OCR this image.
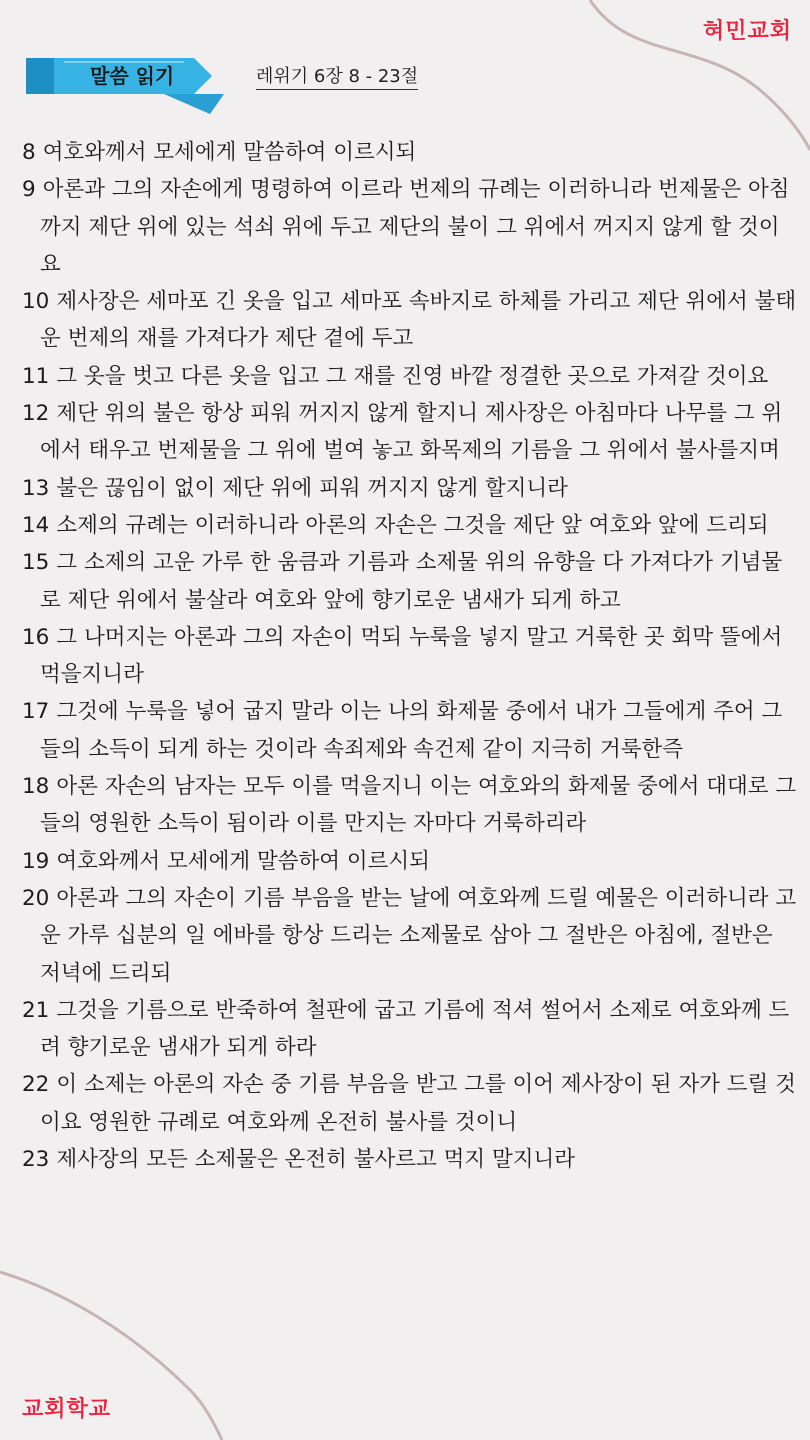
혀민교회
말씀 읽기	레위기 6장 8 - 23절
8 여호와께서 모세에게 말씀하여 이르시되
9 아론과 그의 자손에게 명령하여 이르라 번제의 규례는 이러하니라 번제물은 아침까지 제단 위에 있는 석쇠 위에 두고 제단의 불이 그 위에서 꺼지지 않게 할 것이요
10 제사장은 세마포 긴 옷을 입고 세마포 속바지로 하체를 가리고 제단 위에서 불태운 번제의 재를 가져다가 제단 곁에 두고
11 그 옷을 벗고 다른 옷을 입고 그 재를 진영 바깥 정결한 곳으로 가져갈 것이요
12 제단 위의 불은 항상 피워 꺼지지 않게 할지니 제사장은 아침마다 나무를 그 위에서 태우고 번제물을 그 위에 벌여 놓고 화목제의 기름을 그 위에서 불사를지며
13 불은 끊임이 없이 제단 위에 피워 꺼지지 않게 할지니라
14 소제의 규례는 이러하니라 아론의 자손은 그것을 제단 앞 여호와 앞에 드리되
15 그 소제의 고운 가루 한 움큼과 기름과 소제물 위의 유향을 다 가져다가 기념물로 제단 위에서 불살라 여호와 앞에 향기로운 냄새가 되게 하고
16 그 나머지는 아론과 그의 자손이 먹되 누룩을 넣지 말고 거룩한 곳 회막 뜰에서 먹을지니라
17 그것에 누룩을 넣어 굽지 말라 이는 나의 화제물 중에서 내가 그들에게 주어 그들의 소득이 되게 하는 것이라 속죄제와 속건제 같이 지극히 거룩한즉
18 아론 자손의 남자는 모두 이를 먹을지니 이는 여호와의 화제물 중에서 대대로 그들의 영원한 소득이 됨이라 이를 만지는 자마다 거룩하리라
19 여호와께서 모세에게 말씀하여 이르시되
20 아론과 그의 자손이 기름 부음을 받는 날에 여호와께 드릴 예물은 이러하니라 고운 가루 십분의 일 에바를 항상 드리는 소제물로 삼아 그 절반은 아침에, 절반은 저녁에 드리되
21 그것을 기름으로 반죽하여 철판에 굽고 기름에 적셔 썰어서 소제로 여호와께 드려 향기로운 냄새가 되게 하라
22 이 소제는 아론의 자손 중 기름 부음을 받고 그를 이어 제사장이 된 자가 드릴 것이요 영원한 규례로 여호와께 온전히 불사를 것이니
23 제사장의 모든 소제물은 온전히 불사르고 먹지 말지니라
교회학교
